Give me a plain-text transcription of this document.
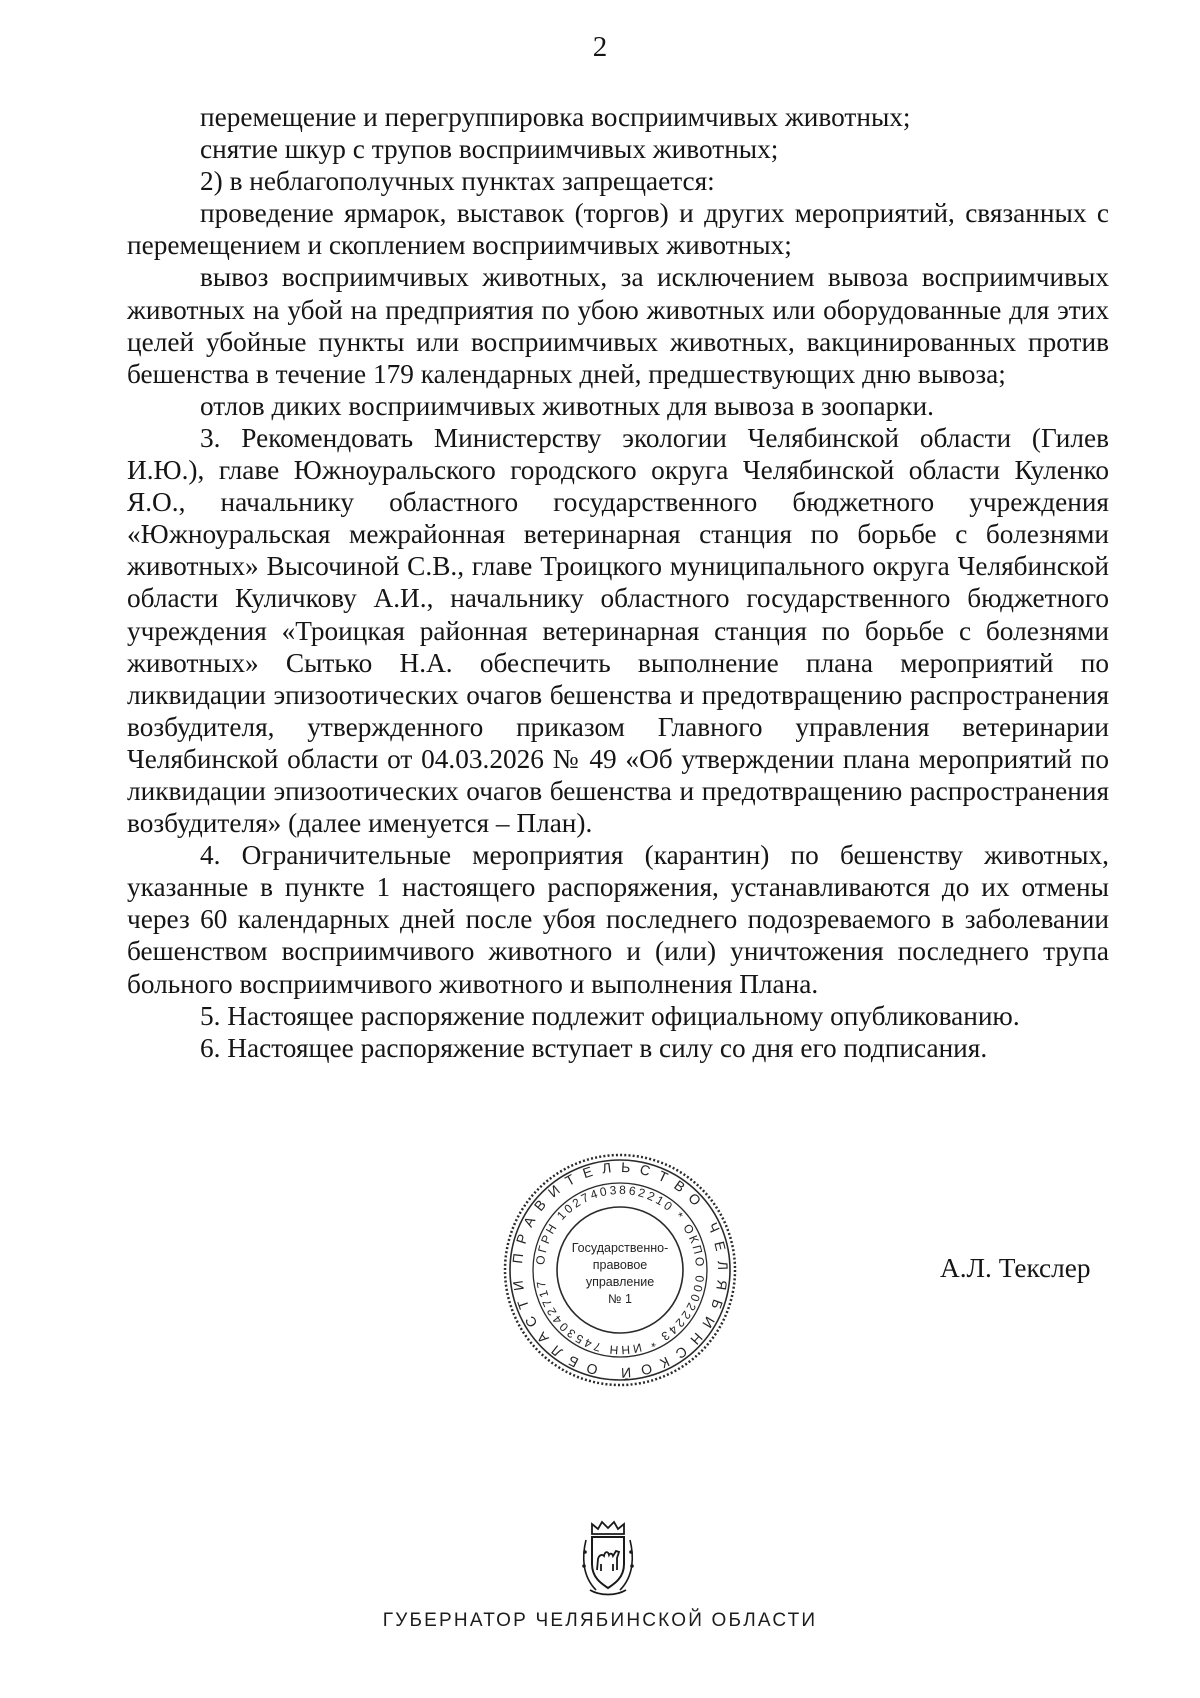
2

перемещение и перегруппировка восприимчивых животных;

снятие шкур с трупов восприимчивых животных;

2) в неблагополучных пунктах запрещается:

проведение ярмарок, выставок (торгов) и других мероприятий, связанных с перемещением и скоплением восприимчивых животных;

вывоз восприимчивых животных, за исключением вывоза восприимчивых животных на убой на предприятия по убою животных или оборудованные для этих целей убойные пункты или восприимчивых животных, вакцинированных против бешенства в течение 179 календарных дней, предшествующих дню вывоза;

отлов диких восприимчивых животных для вывоза в зоопарки.

3. Рекомендовать Министерству экологии Челябинской области (Гилев И.Ю.), главе Южноуральского городского округа Челябинской области Куленко Я.О., начальнику областного государственного бюджетного учреждения «Южноуральская межрайонная ветеринарная станция по борьбе с болезнями животных» Высочиной С.В., главе Троицкого муниципального округа Челябинской области Куличкову А.И., начальнику областного государственного бюджетного учреждения «Троицкая районная ветеринарная станция по борьбе с болезнями животных» Сытько Н.А. обеспечить выполнение плана мероприятий по ликвидации эпизоотических очагов бешенства и предотвращению распространения возбудителя, утвержденного приказом Главного управления ветеринарии Челябинской области от 04.03.2026 № 49 «Об утверждении плана мероприятий по ликвидации эпизоотических очагов бешенства и предотвращению распространения возбудителя» (далее именуется – План).

4. Ограничительные мероприятия (карантин) по бешенству животных, указанные в пункте 1 настоящего распоряжения, устанавливаются до их отмены через 60 календарных дней после убоя последнего подозреваемого в заболевании бешенством восприимчивого животного и (или) уничтожения последнего трупа больного восприимчивого животного и выполнения Плана.

5. Настоящее распоряжение подлежит официальному опубликованию.

6. Настоящее распоряжение вступает в силу со дня его подписания.

ПРАВИТЕЛЬСТВО ЧЕЛЯБИНСКОЙ ОБЛАСТИ
ОГРН 1027403862210 * ОКПО 00022243 * ИНН 7453042717
Государственно-
правовое
управление
№ 1
А.Л. Текслер
ГУБЕРНАТОР ЧЕЛЯБИНСКОЙ ОБЛАСТИ
